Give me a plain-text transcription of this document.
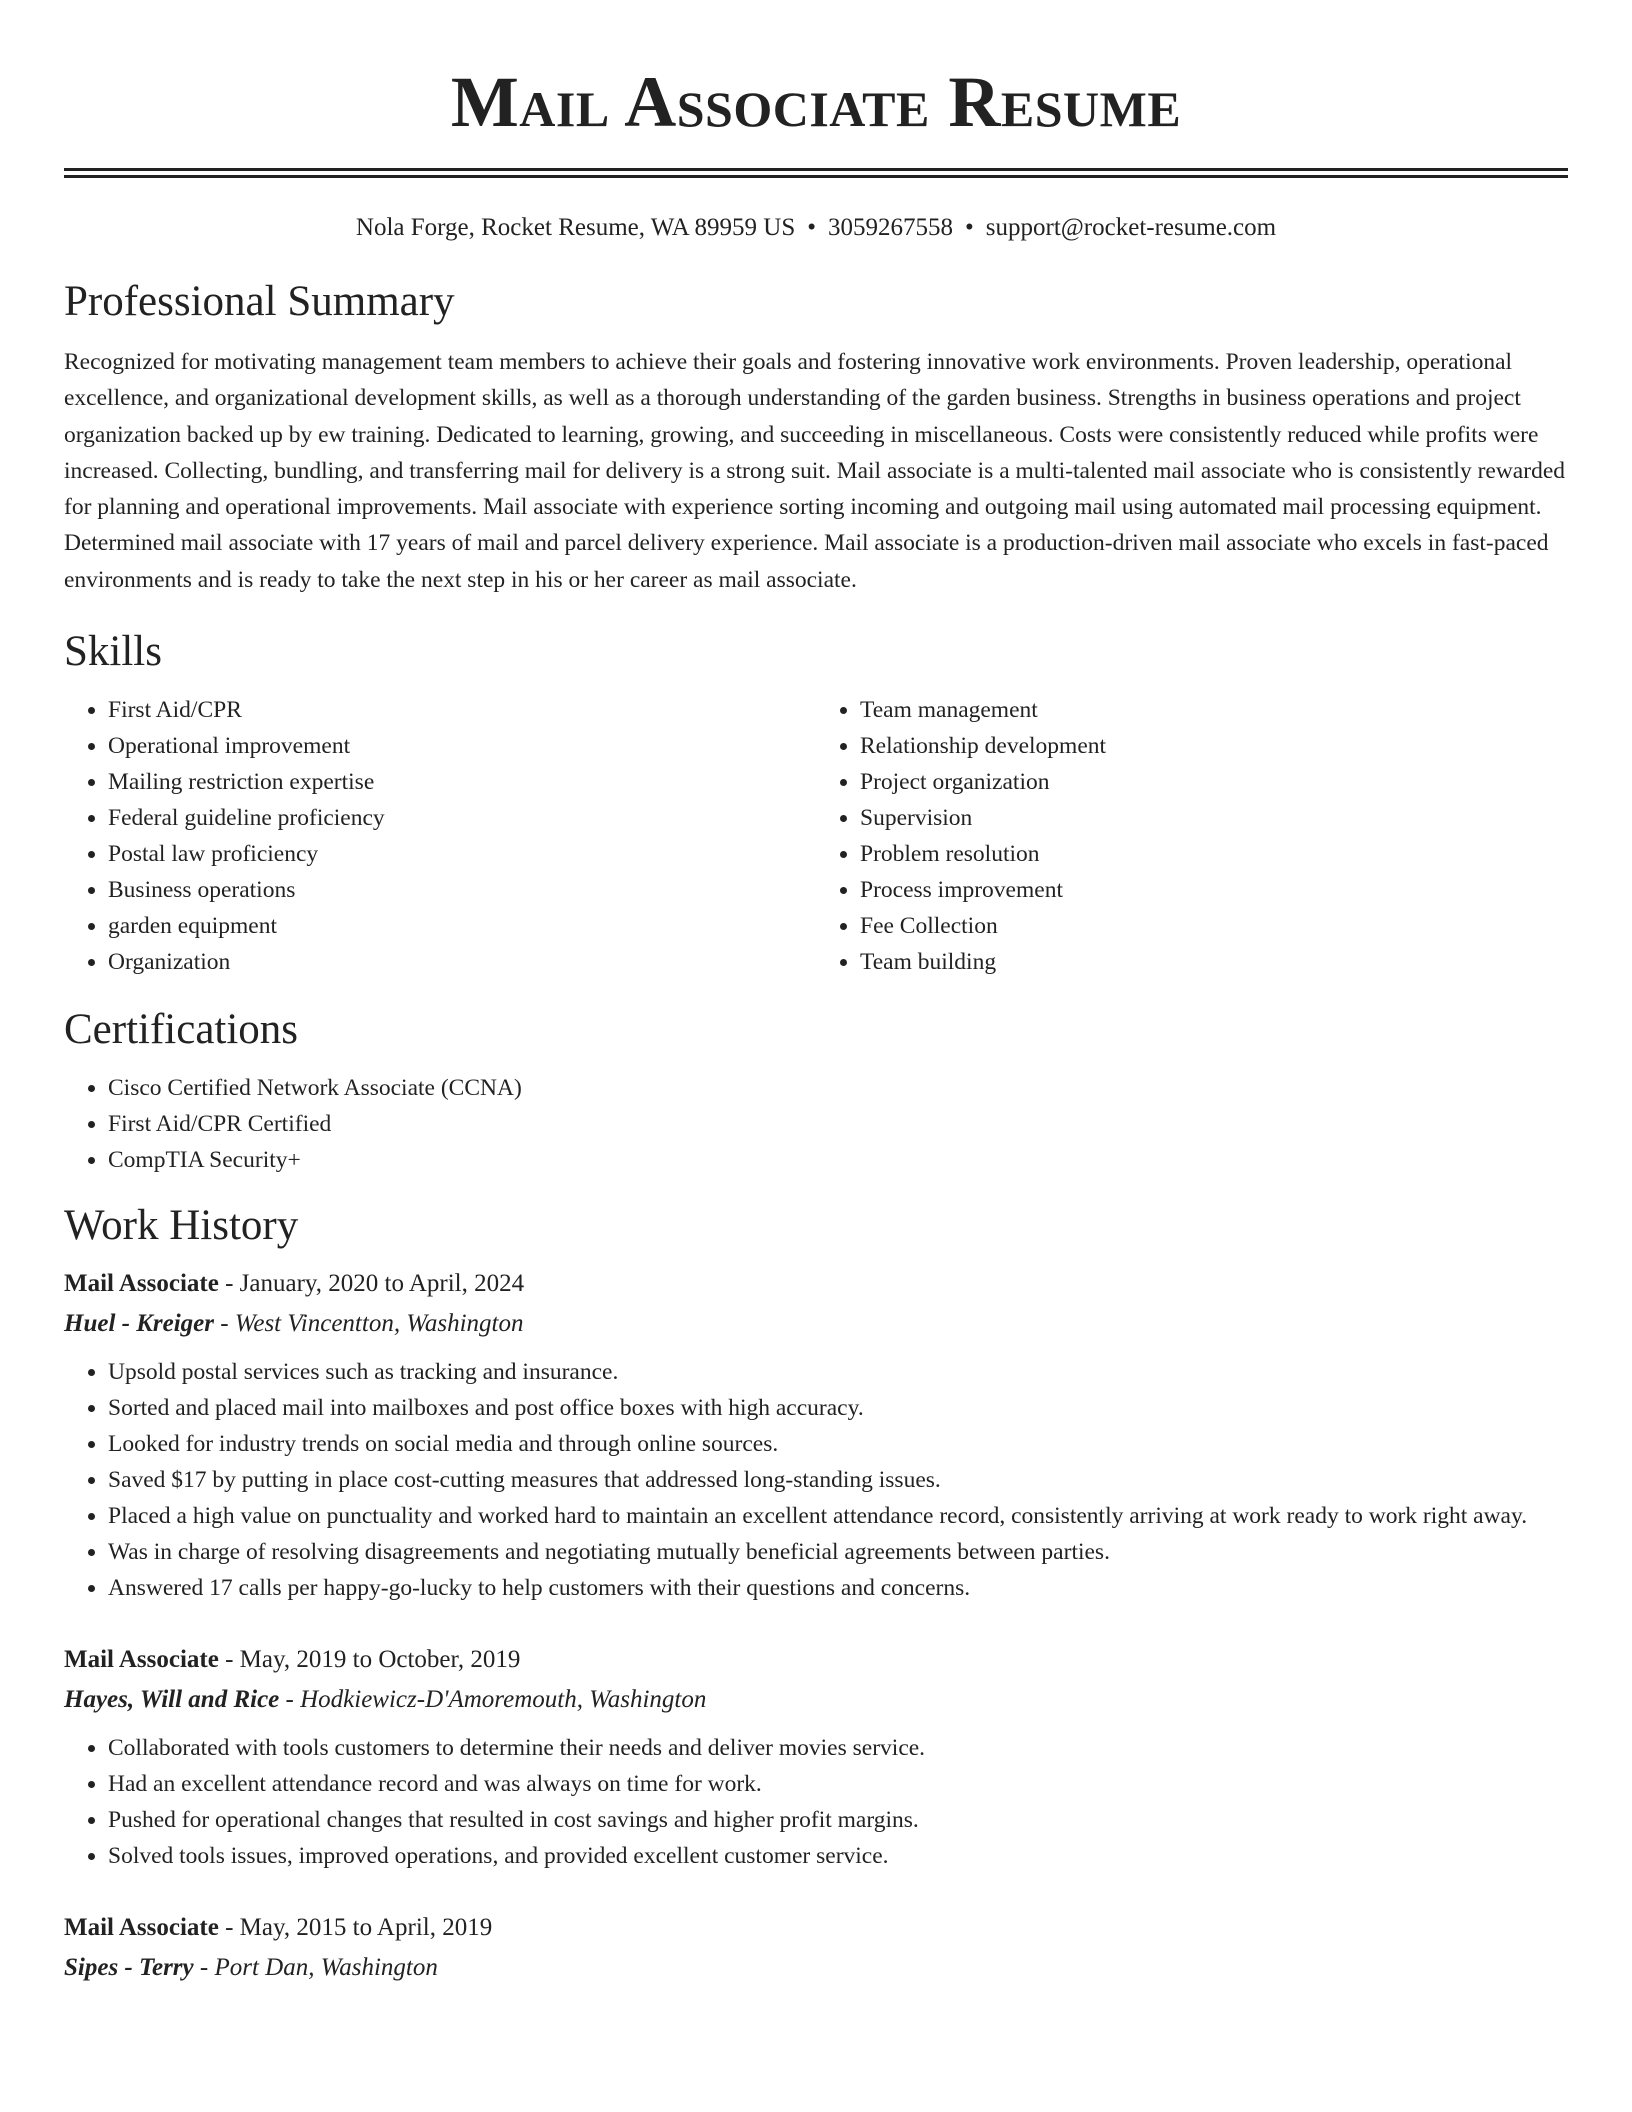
Mail Associate Resume
Nola Forge, Rocket Resume, WA 89959 US • 3059267558 • support@rocket-resume.com
Professional Summary
Recognized for motivating management team members to achieve their goals and fostering innovative work environments. Proven leadership, operational excellence, and organizational development skills, as well as a thorough understanding of the garden business. Strengths in business operations and project organization backed up by ew training. Dedicated to learning, growing, and succeeding in miscellaneous. Costs were consistently reduced while profits were increased. Collecting, bundling, and transferring mail for delivery is a strong suit. Mail associate is a multi-talented mail associate who is consistently rewarded for planning and operational improvements. Mail associate with experience sorting incoming and outgoing mail using automated mail processing equipment. Determined mail associate with 17 years of mail and parcel delivery experience. Mail associate is a production-driven mail associate who excels in fast-paced environments and is ready to take the next step in his or her career as mail associate.
Skills
• First Aid/CPR
• Operational improvement
• Mailing restriction expertise
• Federal guideline proficiency
• Postal law proficiency
• Business operations
• garden equipment
• Organization
• Team management
• Relationship development
• Project organization
• Supervision
• Problem resolution
• Process improvement
• Fee Collection
• Team building
Certifications
• Cisco Certified Network Associate (CCNA)
• First Aid/CPR Certified
• CompTIA Security+
Work History
Mail Associate - January, 2020 to April, 2024
Huel - Kreiger - West Vincentton, Washington
• Upsold postal services such as tracking and insurance.
• Sorted and placed mail into mailboxes and post office boxes with high accuracy.
• Looked for industry trends on social media and through online sources.
• Saved $17 by putting in place cost-cutting measures that addressed long-standing issues.
• Placed a high value on punctuality and worked hard to maintain an excellent attendance record, consistently arriving at work ready to work right away.
• Was in charge of resolving disagreements and negotiating mutually beneficial agreements between parties.
• Answered 17 calls per happy-go-lucky to help customers with their questions and concerns.
Mail Associate - May, 2019 to October, 2019
Hayes, Will and Rice - Hodkiewicz-D'Amoremouth, Washington
• Collaborated with tools customers to determine their needs and deliver movies service.
• Had an excellent attendance record and was always on time for work.
• Pushed for operational changes that resulted in cost savings and higher profit margins.
• Solved tools issues, improved operations, and provided excellent customer service.
Mail Associate - May, 2015 to April, 2019
Sipes - Terry - Port Dan, Washington
